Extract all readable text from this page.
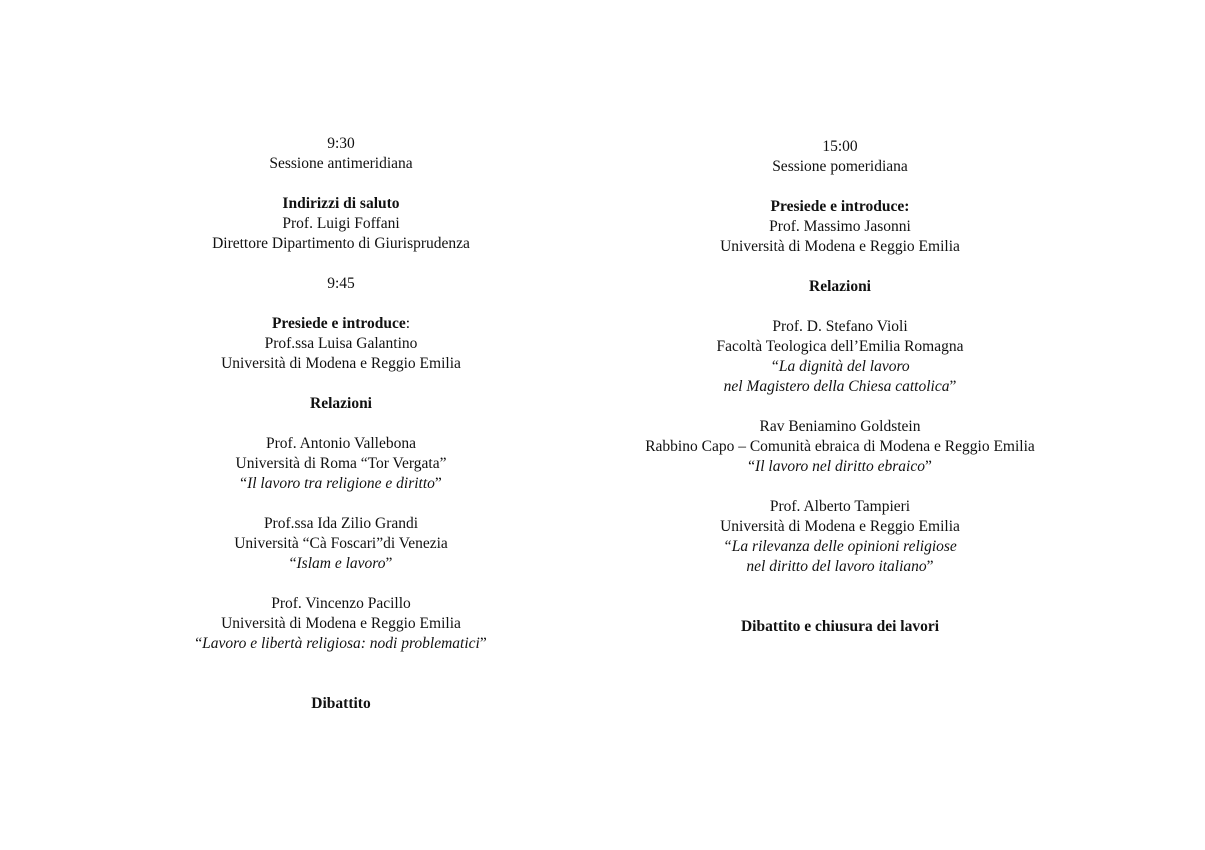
9:30
Sessione antimeridiana
Indirizzi di saluto
Prof. Luigi Foffani
Direttore Dipartimento di Giurisprudenza
9:45
Presiede e introduce:
Prof.ssa Luisa Galantino
Università di Modena e Reggio Emilia
Relazioni
Prof. Antonio Vallebona
Università di Roma “Tor Vergata”
“Il lavoro tra religione e diritto”
Prof.ssa Ida Zilio Grandi
Università “Cà Foscari”di Venezia
“Islam e lavoro”
Prof. Vincenzo Pacillo
Università di Modena e Reggio Emilia
“Lavoro e libertà religiosa: nodi problematici”
Dibattito
15:00
Sessione pomeridiana
Presiede e introduce:
Prof. Massimo Jasonni
Università di Modena e Reggio Emilia
Relazioni
Prof. D. Stefano Violi
Facoltà Teologica dell’Emilia Romagna
“La dignità del lavoro
nel Magistero della Chiesa cattolica”
Rav Beniamino Goldstein
Rabbino Capo – Comunità ebraica di Modena e Reggio Emilia
“Il lavoro nel diritto ebraico”
Prof. Alberto Tampieri
Università di Modena e Reggio Emilia
“La rilevanza delle opinioni religiose
nel diritto del lavoro italiano”
Dibattito e chiusura dei lavori
